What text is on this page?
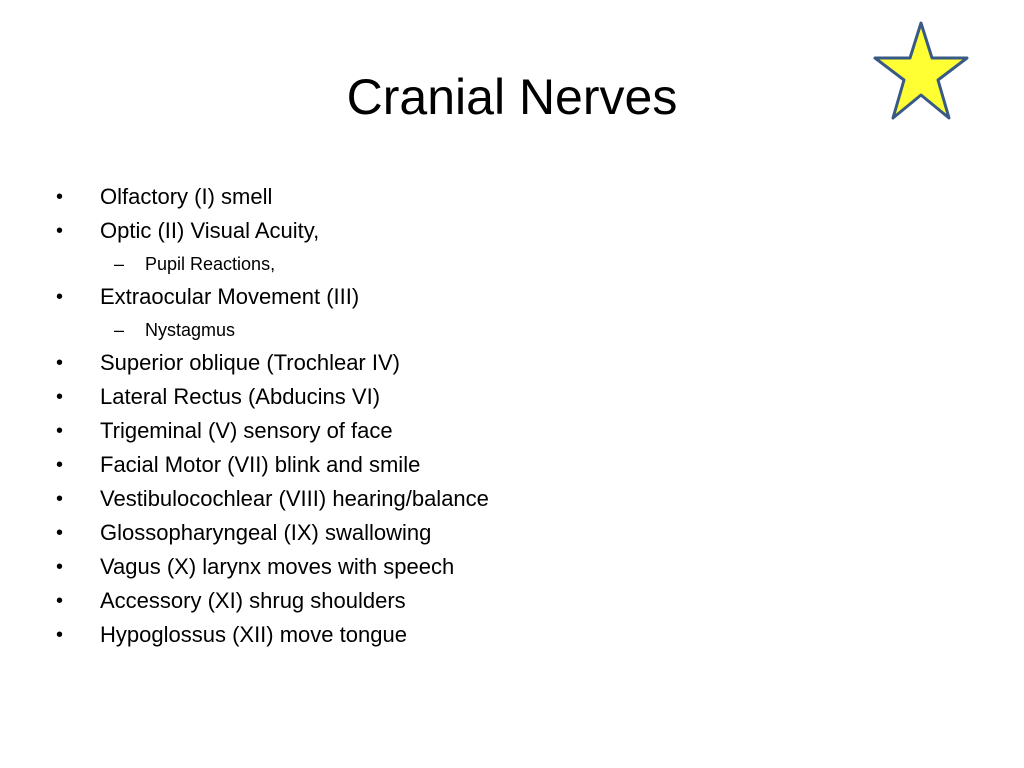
Cranial Nerves
•	Olfactory (I) smell
•	Optic (II) Visual Acuity,
– Pupil Reactions,
•	Extraocular Movement (III)
– Nystagmus
•	Superior oblique (Trochlear IV)
•	Lateral Rectus (Abducins VI)
•	Trigeminal (V) sensory of face
•	Facial Motor (VII) blink and smile
•	Vestibulocochlear (VIII) hearing/balance
•	Glossopharyngeal (IX) swallowing
•	Vagus (X) larynx moves with speech
•	Accessory (XI) shrug shoulders
•	Hypoglossus (XII) move tongue
